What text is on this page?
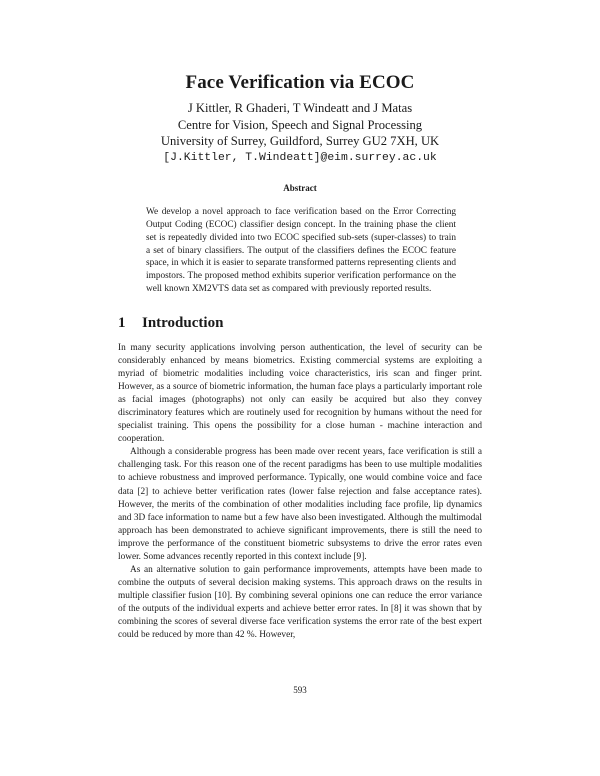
Face Verification via ECOC
J Kittler, R Ghaderi, T Windeatt and J Matas
Centre for Vision, Speech and Signal Processing
University of Surrey, Guildford, Surrey GU2 7XH, UK
[J.Kittler, T.Windeatt]@eim.surrey.ac.uk
Abstract
We develop a novel approach to face verification based on the Error Correcting Output Coding (ECOC) classifier design concept. In the training phase the client set is repeatedly divided into two ECOC specified sub-sets (super-classes) to train a set of binary classifiers. The output of the classifiers defines the ECOC feature space, in which it is easier to separate transformed patterns representing clients and impostors. The proposed method exhibits superior verification performance on the well known XM2VTS data set as compared with previously reported results.
1 Introduction

In many security applications involving person authentication, the level of security can be considerably enhanced by means biometrics. Existing commercial systems are exploiting a myriad of biometric modalities including voice characteristics, iris scan and finger print. However, as a source of biometric information, the human face plays a particularly important role as facial images (photographs) not only can easily be acquired but also they convey discriminatory features which are routinely used for recognition by humans without the need for specialist training. This opens the possibility for a close human - machine interaction and cooperation.

Although a considerable progress has been made over recent years, face verification is still a challenging task. For this reason one of the recent paradigms has been to use multiple modalities to achieve robustness and improved performance. Typically, one would combine voice and face data [2] to achieve better verification rates (lower false rejection and false acceptance rates). However, the merits of the combination of other modalities including face profile, lip dynamics and 3D face information to name but a few have also been investigated. Although the multimodal approach has been demonstrated to achieve significant improvements, there is still the need to improve the performance of the constituent biometric subsystems to drive the error rates even lower. Some advances recently reported in this context include [9].

As an alternative solution to gain performance improvements, attempts have been made to combine the outputs of several decision making systems. This approach draws on the results in multiple classifier fusion [10]. By combining several opinions one can reduce the error variance of the outputs of the individual experts and achieve better error rates. In [8] it was shown that by combining the scores of several diverse face verification systems the error rate of the best expert could be reduced by more than 42 %. However,

593
